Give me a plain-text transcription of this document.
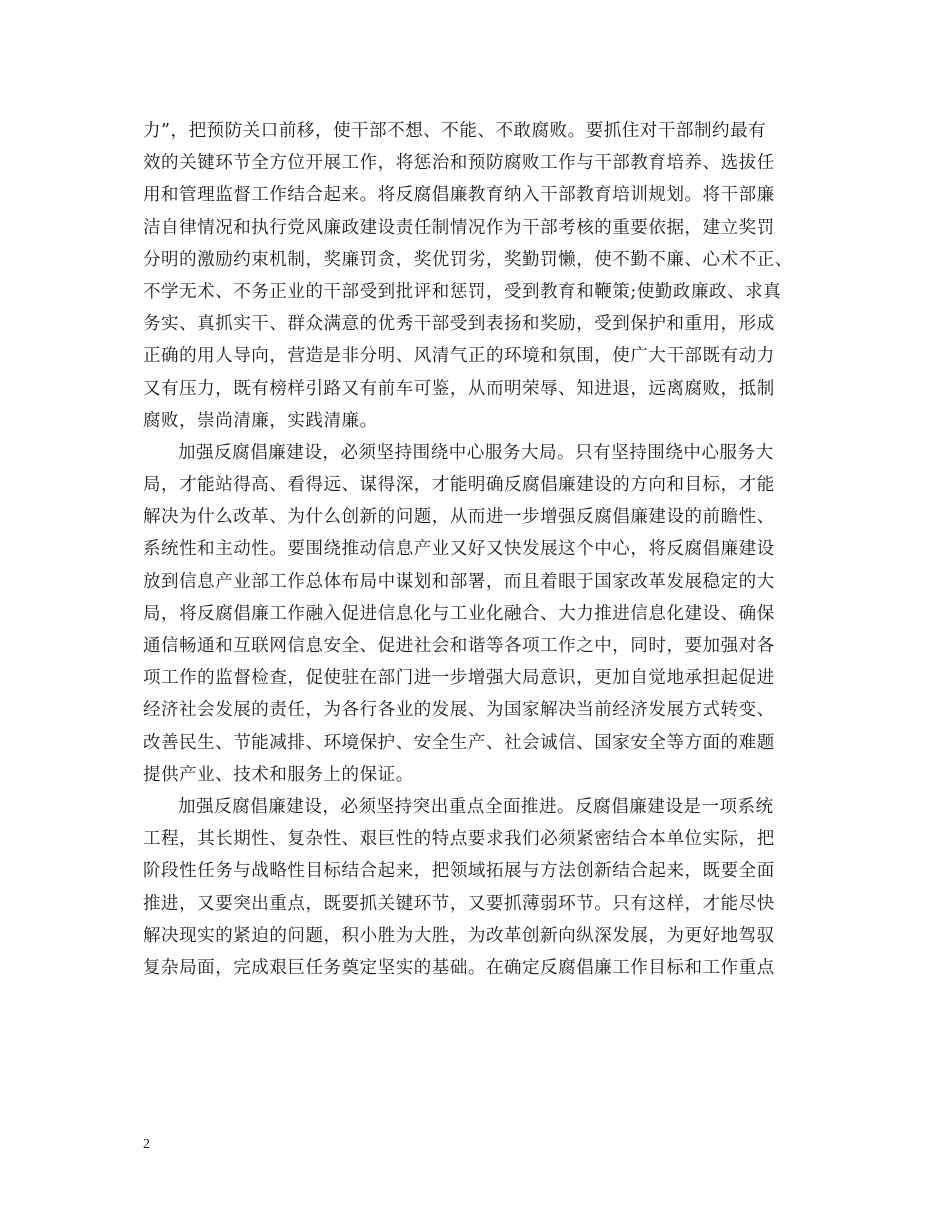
力”，把预防关口前移，使干部不想、不能、不敢腐败。要抓住对干部制约最有
效的关键环节全方位开展工作，将惩治和预防腐败工作与干部教育培养、选拔任
用和管理监督工作结合起来。将反腐倡廉教育纳入干部教育培训规划。将干部廉
洁自律情况和执行党风廉政建设责任制情况作为干部考核的重要依据，建立奖罚
分明的激励约束机制，奖廉罚贪，奖优罚劣，奖勤罚懒，使不勤不廉、心术不正、
不学无术、不务正业的干部受到批评和惩罚，受到教育和鞭策;使勤政廉政、求真
务实、真抓实干、群众满意的优秀干部受到表扬和奖励，受到保护和重用，形成
正确的用人导向，营造是非分明、风清气正的环境和氛围，使广大干部既有动力
又有压力，既有榜样引路又有前车可鉴，从而明荣辱、知进退，远离腐败，抵制
腐败，崇尚清廉，实践清廉。
加强反腐倡廉建设，必须坚持围绕中心服务大局。只有坚持围绕中心服务大
局，才能站得高、看得远、谋得深，才能明确反腐倡廉建设的方向和目标，才能
解决为什么改革、为什么创新的问题，从而进一步增强反腐倡廉建设的前瞻性、
系统性和主动性。要围绕推动信息产业又好又快发展这个中心，将反腐倡廉建设
放到信息产业部工作总体布局中谋划和部署，而且着眼于国家改革发展稳定的大
局，将反腐倡廉工作融入促进信息化与工业化融合、大力推进信息化建设、确保
通信畅通和互联网信息安全、促进社会和谐等各项工作之中，同时，要加强对各
项工作的监督检查，促使驻在部门进一步增强大局意识，更加自觉地承担起促进
经济社会发展的责任，为各行各业的发展、为国家解决当前经济发展方式转变、
改善民生、节能减排、环境保护、安全生产、社会诚信、国家安全等方面的难题
提供产业、技术和服务上的保证。
加强反腐倡廉建设，必须坚持突出重点全面推进。反腐倡廉建设是一项系统
工程，其长期性、复杂性、艰巨性的特点要求我们必须紧密结合本单位实际，把
阶段性任务与战略性目标结合起来，把领域拓展与方法创新结合起来，既要全面
推进，又要突出重点，既要抓关键环节，又要抓薄弱环节。只有这样，才能尽快
解决现实的紧迫的问题，积小胜为大胜，为改革创新向纵深发展，为更好地驾驭
复杂局面，完成艰巨任务奠定坚实的基础。在确定反腐倡廉工作目标和工作重点
2
